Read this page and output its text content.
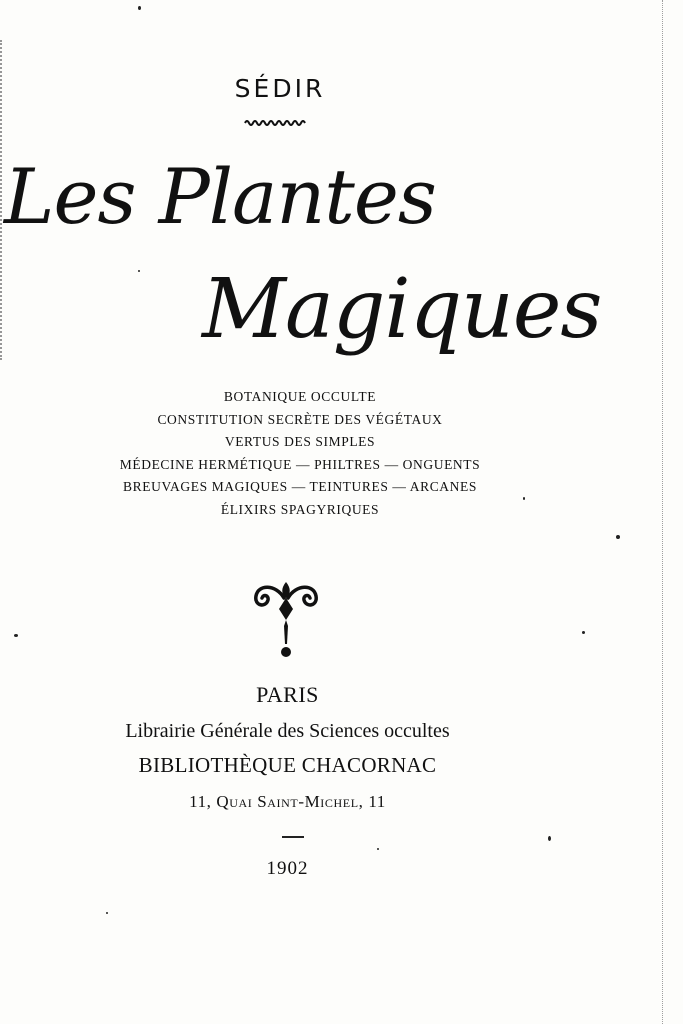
SÉDIR
Les Plantes
Magiques
BOTANIQUE OCCULTE
CONSTITUTION SECRÈTE DES VÉGÉTAUX
VERTUS DES SIMPLES
MÉDECINE HERMÉTIQUE — PHILTRES — ONGUENTS
BREUVAGES MAGIQUES — TEINTURES — ARCANES
ÉLIXIRS SPAGYRIQUES
PARIS
Librairie Générale des Sciences occultes
BIBLIOTHÈQUE CHACORNAC
11, Quai Saint-Michel, 11
1902
